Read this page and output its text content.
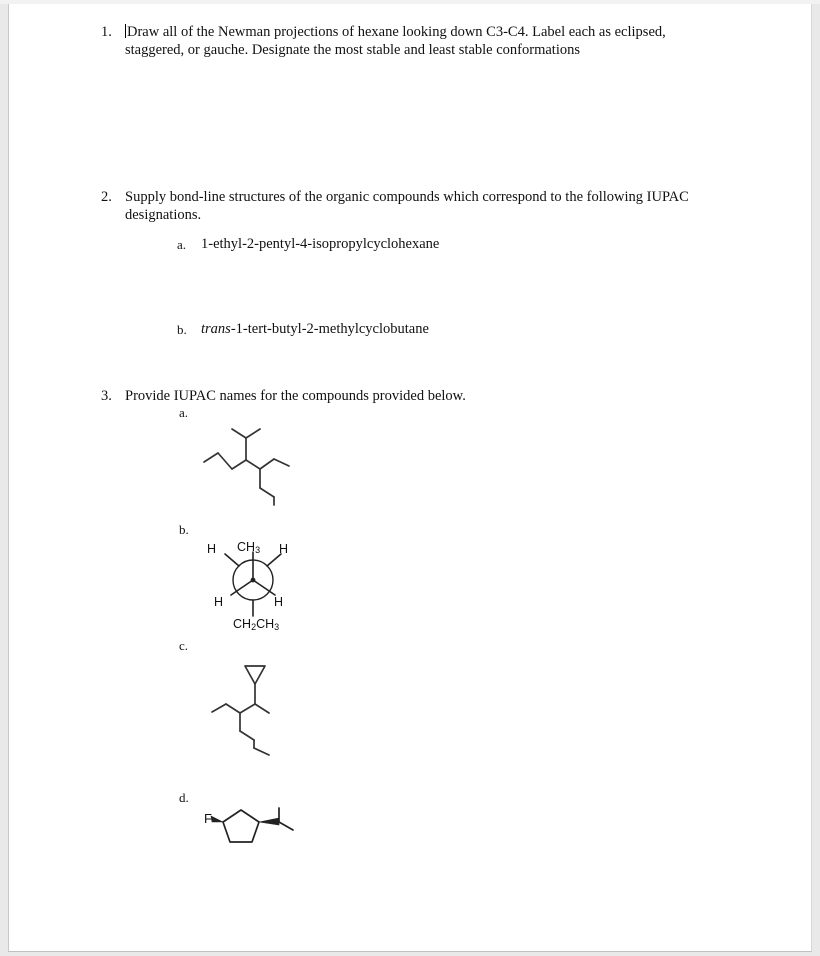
1. Draw all of the Newman projections of hexane looking down C3-C4. Label each as eclipsed, staggered, or gauche. Designate the most stable and least stable conformations
2. Supply bond-line structures of the organic compounds which correspond to the following IUPAC designations.
a. 1-ethyl-2-pentyl-4-isopropylcyclohexane
b. trans-1-tert-butyl-2-methylcyclobutane
3. Provide IUPAC names for the compounds provided below.
a.
b.
H $CH_3$ H
H	H
$CH_2CH_3$
c.
d.
F
